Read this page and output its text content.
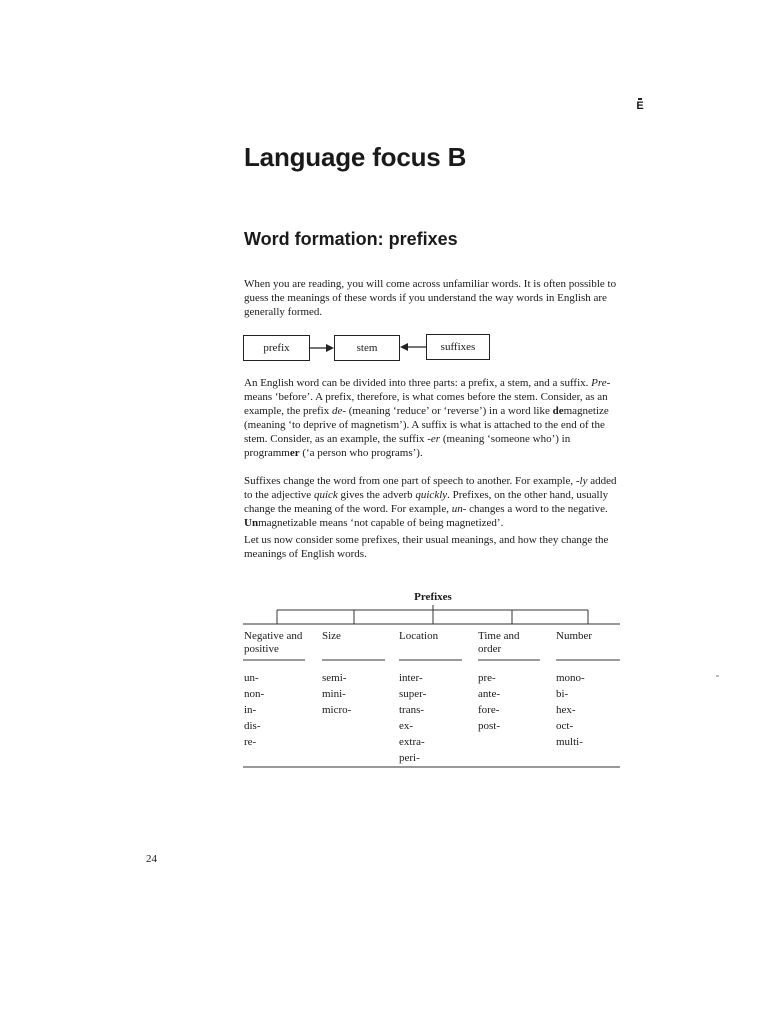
E
Language focus B
Word formation: prefixes

When you are reading, you will come across unfamiliar words. It is often possible to guess the meanings of these words if you understand the way words in English are generally formed.

prefix	stem	suffixes

An English word can be divided into three parts: a prefix, a stem, and a suffix. Pre-means ‘before’. A prefix, therefore, is what comes before the stem. Consider, as an example, the prefix de- (meaning ‘reduce’ or ‘reverse’) in a word like demagnetize (meaning ‘to deprive of magnetism’). A suffix is what is attached to the end of the stem. Consider, as an example, the suffix -er (meaning ‘someone who’) in programmer (‘a person who programs’).

Suffixes change the word from one part of speech to another. For example, -ly added to the adjective quick gives the adverb quickly. Prefixes, on the other hand, usually change the meaning of the word. For example, un- changes a word to the negative. Unmagnetizable means ‘not capable of being magnetized’.

Let us now consider some prefixes, their usual meanings, and how they change the meanings of English words.

Prefixes
Negative and positive
un-
non-
in-
dis-
re-
Size
semi-
mini-
micro-
Location
inter-
super-
trans-
ex-
extra-
peri-
Time and order
pre-
ante-
fore-
post-
Number
mono-
bi-
hex-
oct-
multi-
24
